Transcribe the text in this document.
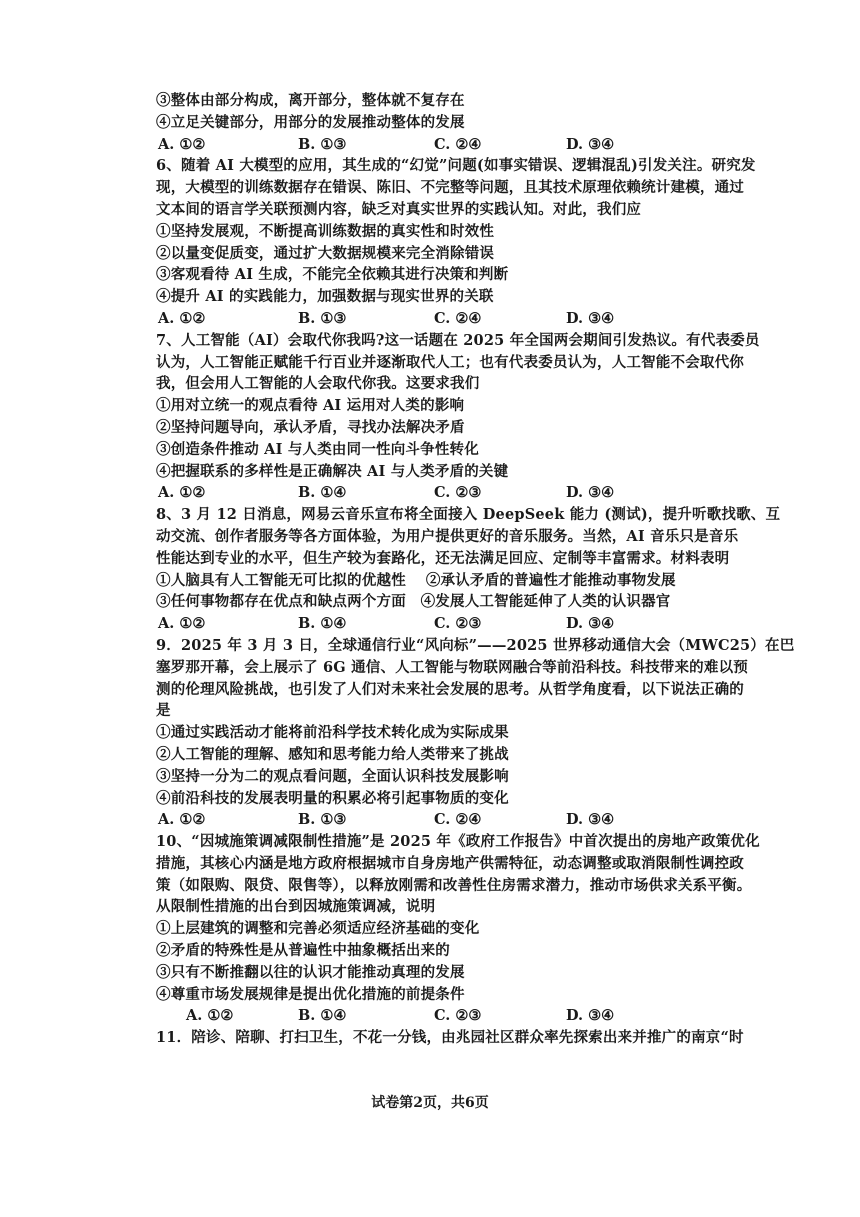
③整体由部分构成，离开部分，整体就不复存在
④立足关键部分，用部分的发展推动整体的发展
A. ①②	B. ①③	C. ②④	D. ③④
6、随着 AI 大模型的应用，其生成的“幻觉”问题(如事实错误、逻辑混乱)引发关注。研究发
现，大模型的训练数据存在错误、陈旧、不完整等问题，且其技术原理依赖统计建模，通过
文本间的语言学关联预测内容，缺乏对真实世界的实践认知。对此，我们应
①坚持发展观，不断提高训练数据的真实性和时效性
②以量变促质变，通过扩大数据规模来完全消除错误
③客观看待 AI 生成，不能完全依赖其进行决策和判断
④提升 AI 的实践能力，加强数据与现实世界的关联
A. ①②	B. ①③	C. ②④	D. ③④
7、人工智能（AI）会取代你我吗?这一话题在 2025 年全国两会期间引发热议。有代表委员
认为，人工智能正赋能千行百业并逐渐取代人工；也有代表委员认为，人工智能不会取代你
我，但会用人工智能的人会取代你我。这要求我们
①用对立统一的观点看待 AI 运用对人类的影响
②坚持问题导向，承认矛盾，寻找办法解决矛盾
③创造条件推动 AI 与人类由同一性向斗争性转化
④把握联系的多样性是正确解决 AI 与人类矛盾的关键
A. ①②	B. ①④	C. ②③	D. ③④
8、3 月 12 日消息，网易云音乐宣布将全面接入 DeepSeek 能力 (测试)，提升听歌找歌、互
动交流、创作者服务等各方面体验，为用户提供更好的音乐服务。当然，AI 音乐只是音乐
性能达到专业的水平，但生产较为套路化，还无法满足回应、定制等丰富需求。材料表明
①人脑具有人工智能无可比拟的优越性　 ②承认矛盾的普遍性才能推动事物发展
③任何事物都存在优点和缺点两个方面　④发展人工智能延伸了人类的认识器官
A. ①②	B. ①④	C. ②③	D. ③④
9．2025 年 3 月 3 日，全球通信行业“风向标”——2025 世界移动通信大会（MWC25）在巴
塞罗那开幕，会上展示了 6G 通信、人工智能与物联网融合等前沿科技。科技带来的难以预
测的伦理风险挑战，也引发了人们对未来社会发展的思考。从哲学角度看，以下说法正确的
是
①通过实践活动才能将前沿科学技术转化成为实际成果
②人工智能的理解、感知和思考能力给人类带来了挑战
③坚持一分为二的观点看问题，全面认识科技发展影响
④前沿科技的发展表明量的积累必将引起事物质的变化
A. ①②	B. ①③	C. ②④	D. ③④
10、“因城施策调减限制性措施”是 2025 年《政府工作报告》中首次提出的房地产政策优化
措施，其核心内涵是地方政府根据城市自身房地产供需特征，动态调整或取消限制性调控政
策（如限购、限贷、限售等），以释放刚需和改善性住房需求潜力，推动市场供求关系平衡。
从限制性措施的出台到因城施策调减，说明
①上层建筑的调整和完善必须适应经济基础的变化
②矛盾的特殊性是从普遍性中抽象概括出来的
③只有不断推翻以往的认识才能推动真理的发展
④尊重市场发展规律是提出优化措施的前提条件
A. ①②	B. ①④	C. ②③	D. ③④
11．陪诊、陪聊、打扫卫生，不花一分钱，由兆园社区群众率先探索出来并推广的南京“时
试卷第2页，共6页
